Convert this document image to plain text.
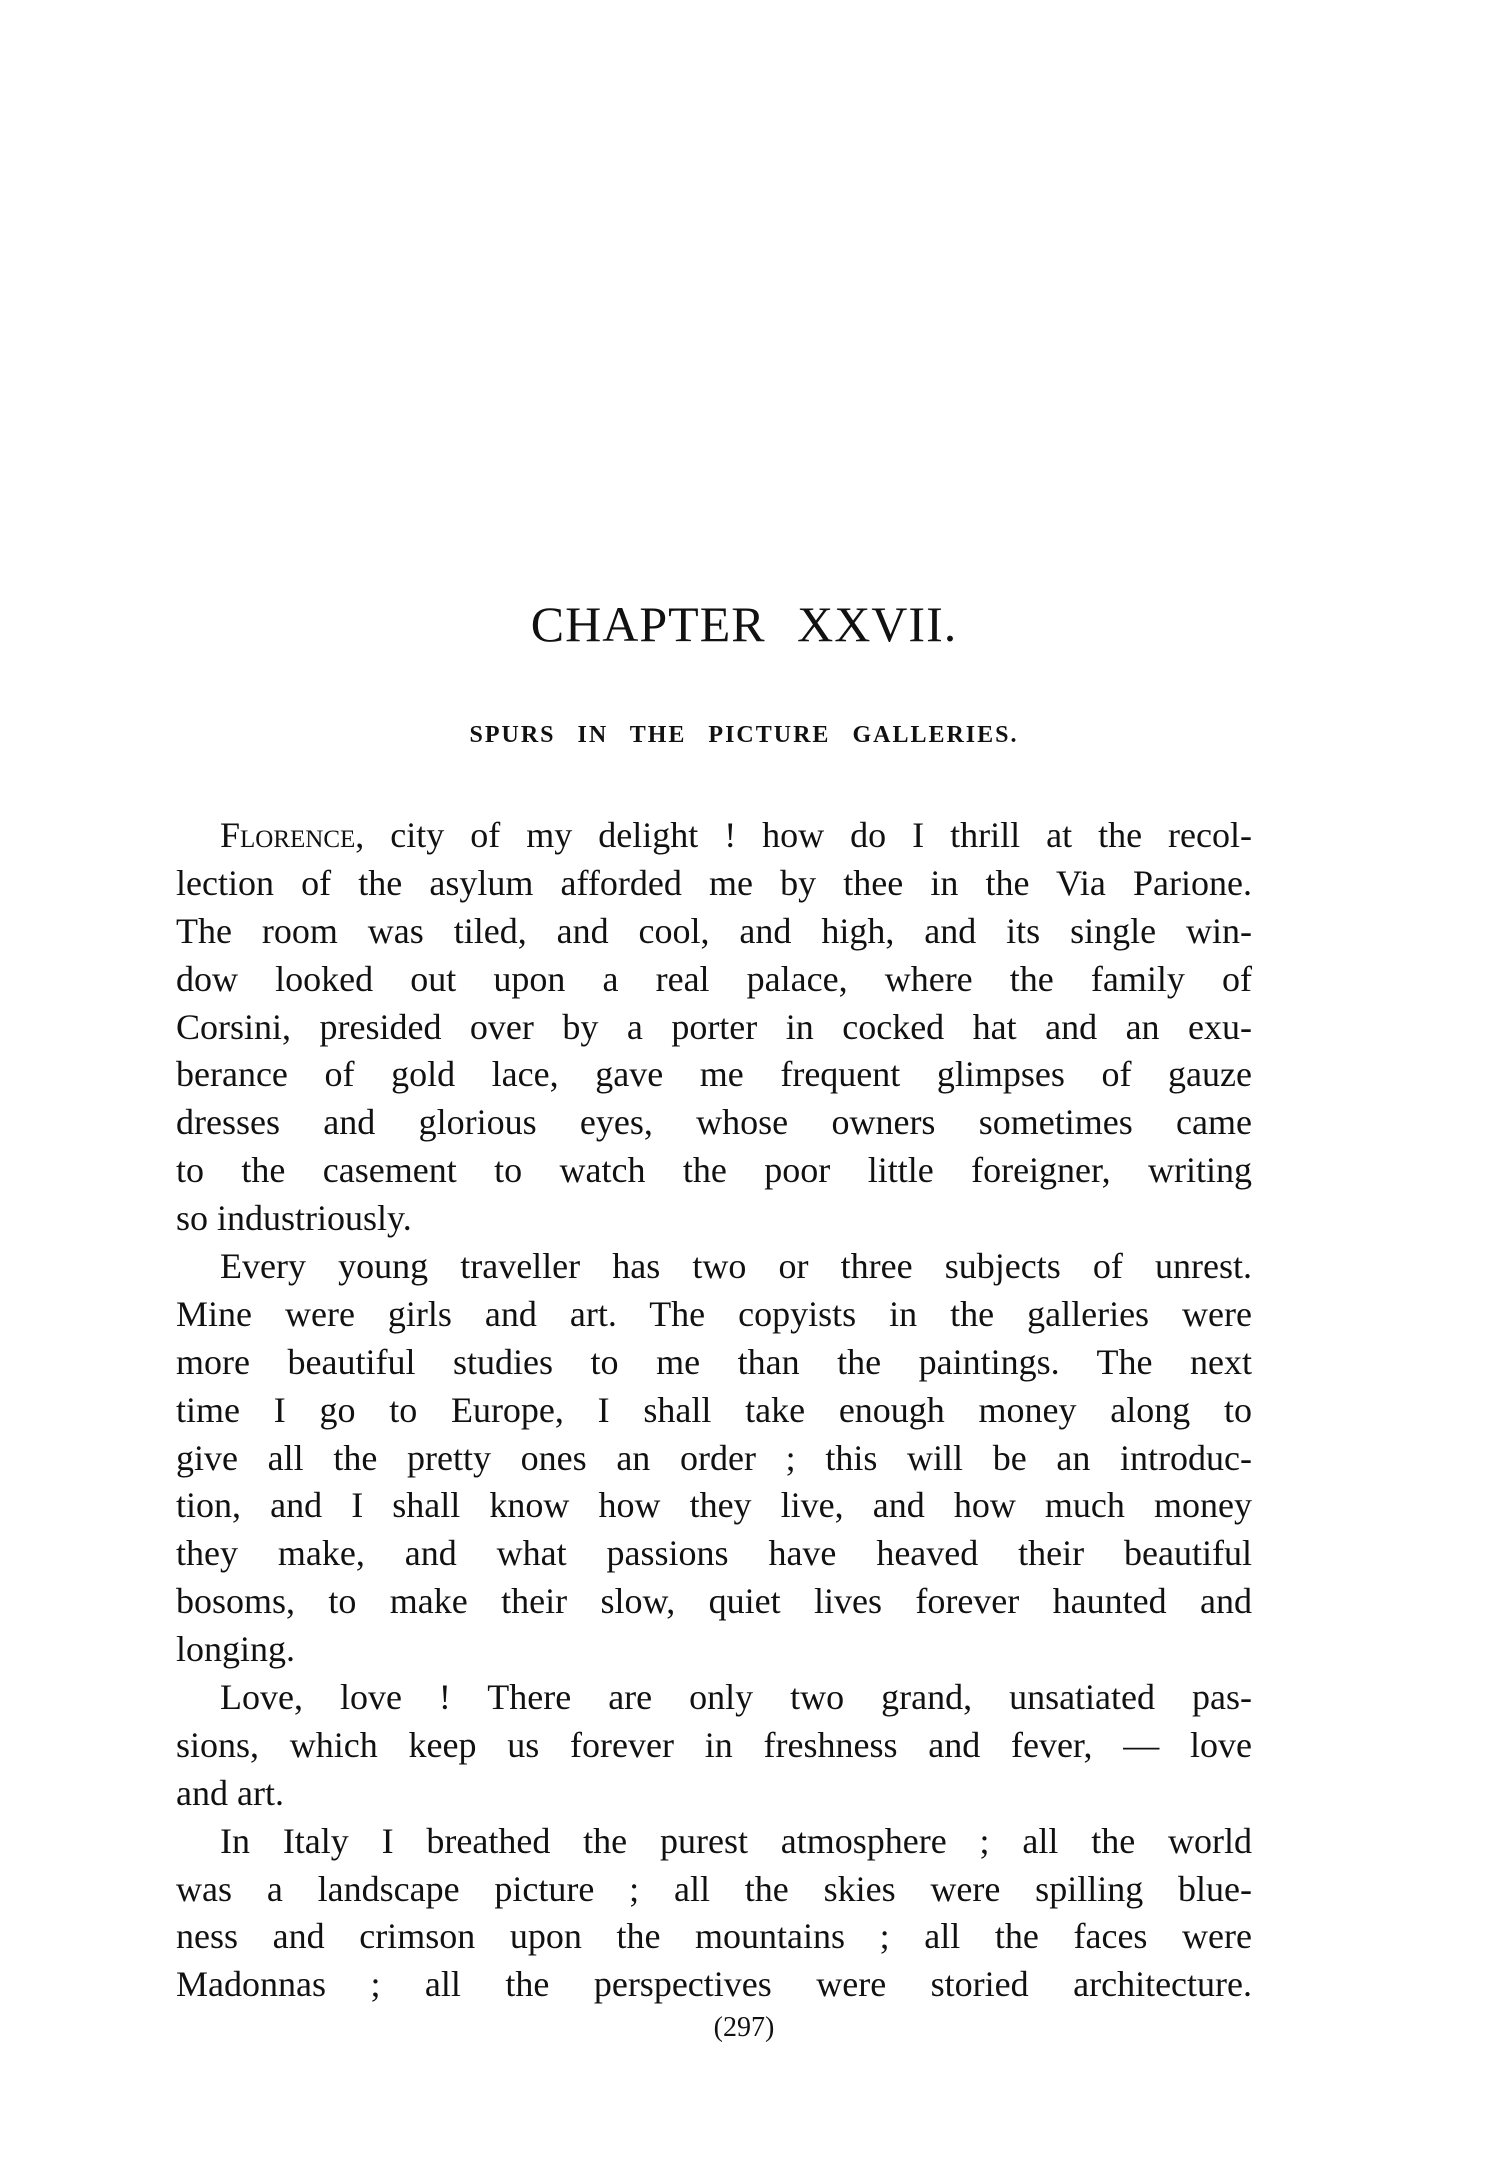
CHAPTER XXVII.
SPURS IN THE PICTURE GALLERIES.
Florence, city of my delight ! how do I thrill at the recol-
lection of the asylum afforded me by thee in the Via Parione.
The room was tiled, and cool, and high, and its single win-
dow looked out upon a real palace, where the family of
Corsini, presided over by a porter in cocked hat and an exu-
berance of gold lace, gave me frequent glimpses of gauze
dresses and glorious eyes, whose owners sometimes came
to the casement to watch the poor little foreigner, writing
so industriously.
Every young traveller has two or three subjects of unrest.
Mine were girls and art. The copyists in the galleries were
more beautiful studies to me than the paintings. The next
time I go to Europe, I shall take enough money along to
give all the pretty ones an order ; this will be an introduc-
tion, and I shall know how they live, and how much money
they make, and what passions have heaved their beautiful
bosoms, to make their slow, quiet lives forever haunted and
longing.
Love, love ! There are only two grand, unsatiated pas-
sions, which keep us forever in freshness and fever, — love
and art.
In Italy I breathed the purest atmosphere ; all the world
was a landscape picture ; all the skies were spilling blue-
ness and crimson upon the mountains ; all the faces were
Madonnas ; all the perspectives were storied architecture.
(297)
